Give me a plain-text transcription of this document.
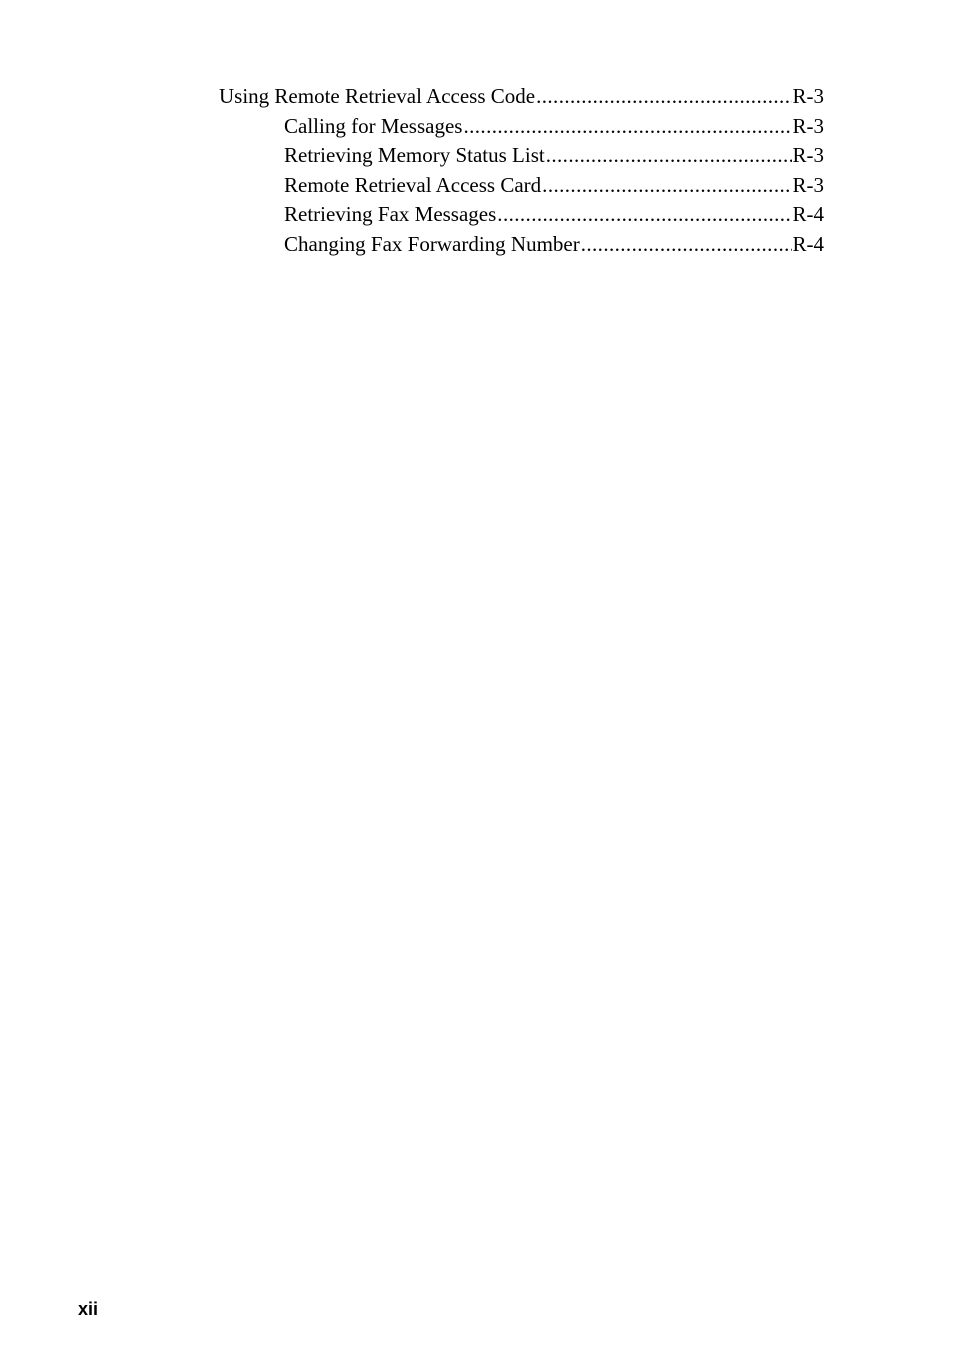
Using Remote Retrieval Access Code .....	R-3
Calling for Messages .....	R-3
Retrieving Memory Status List .....	R-3
Remote Retrieval Access Card .....	R-3
Retrieving Fax Messages .....	R-4
Changing Fax Forwarding Number .....	R-4
xii
